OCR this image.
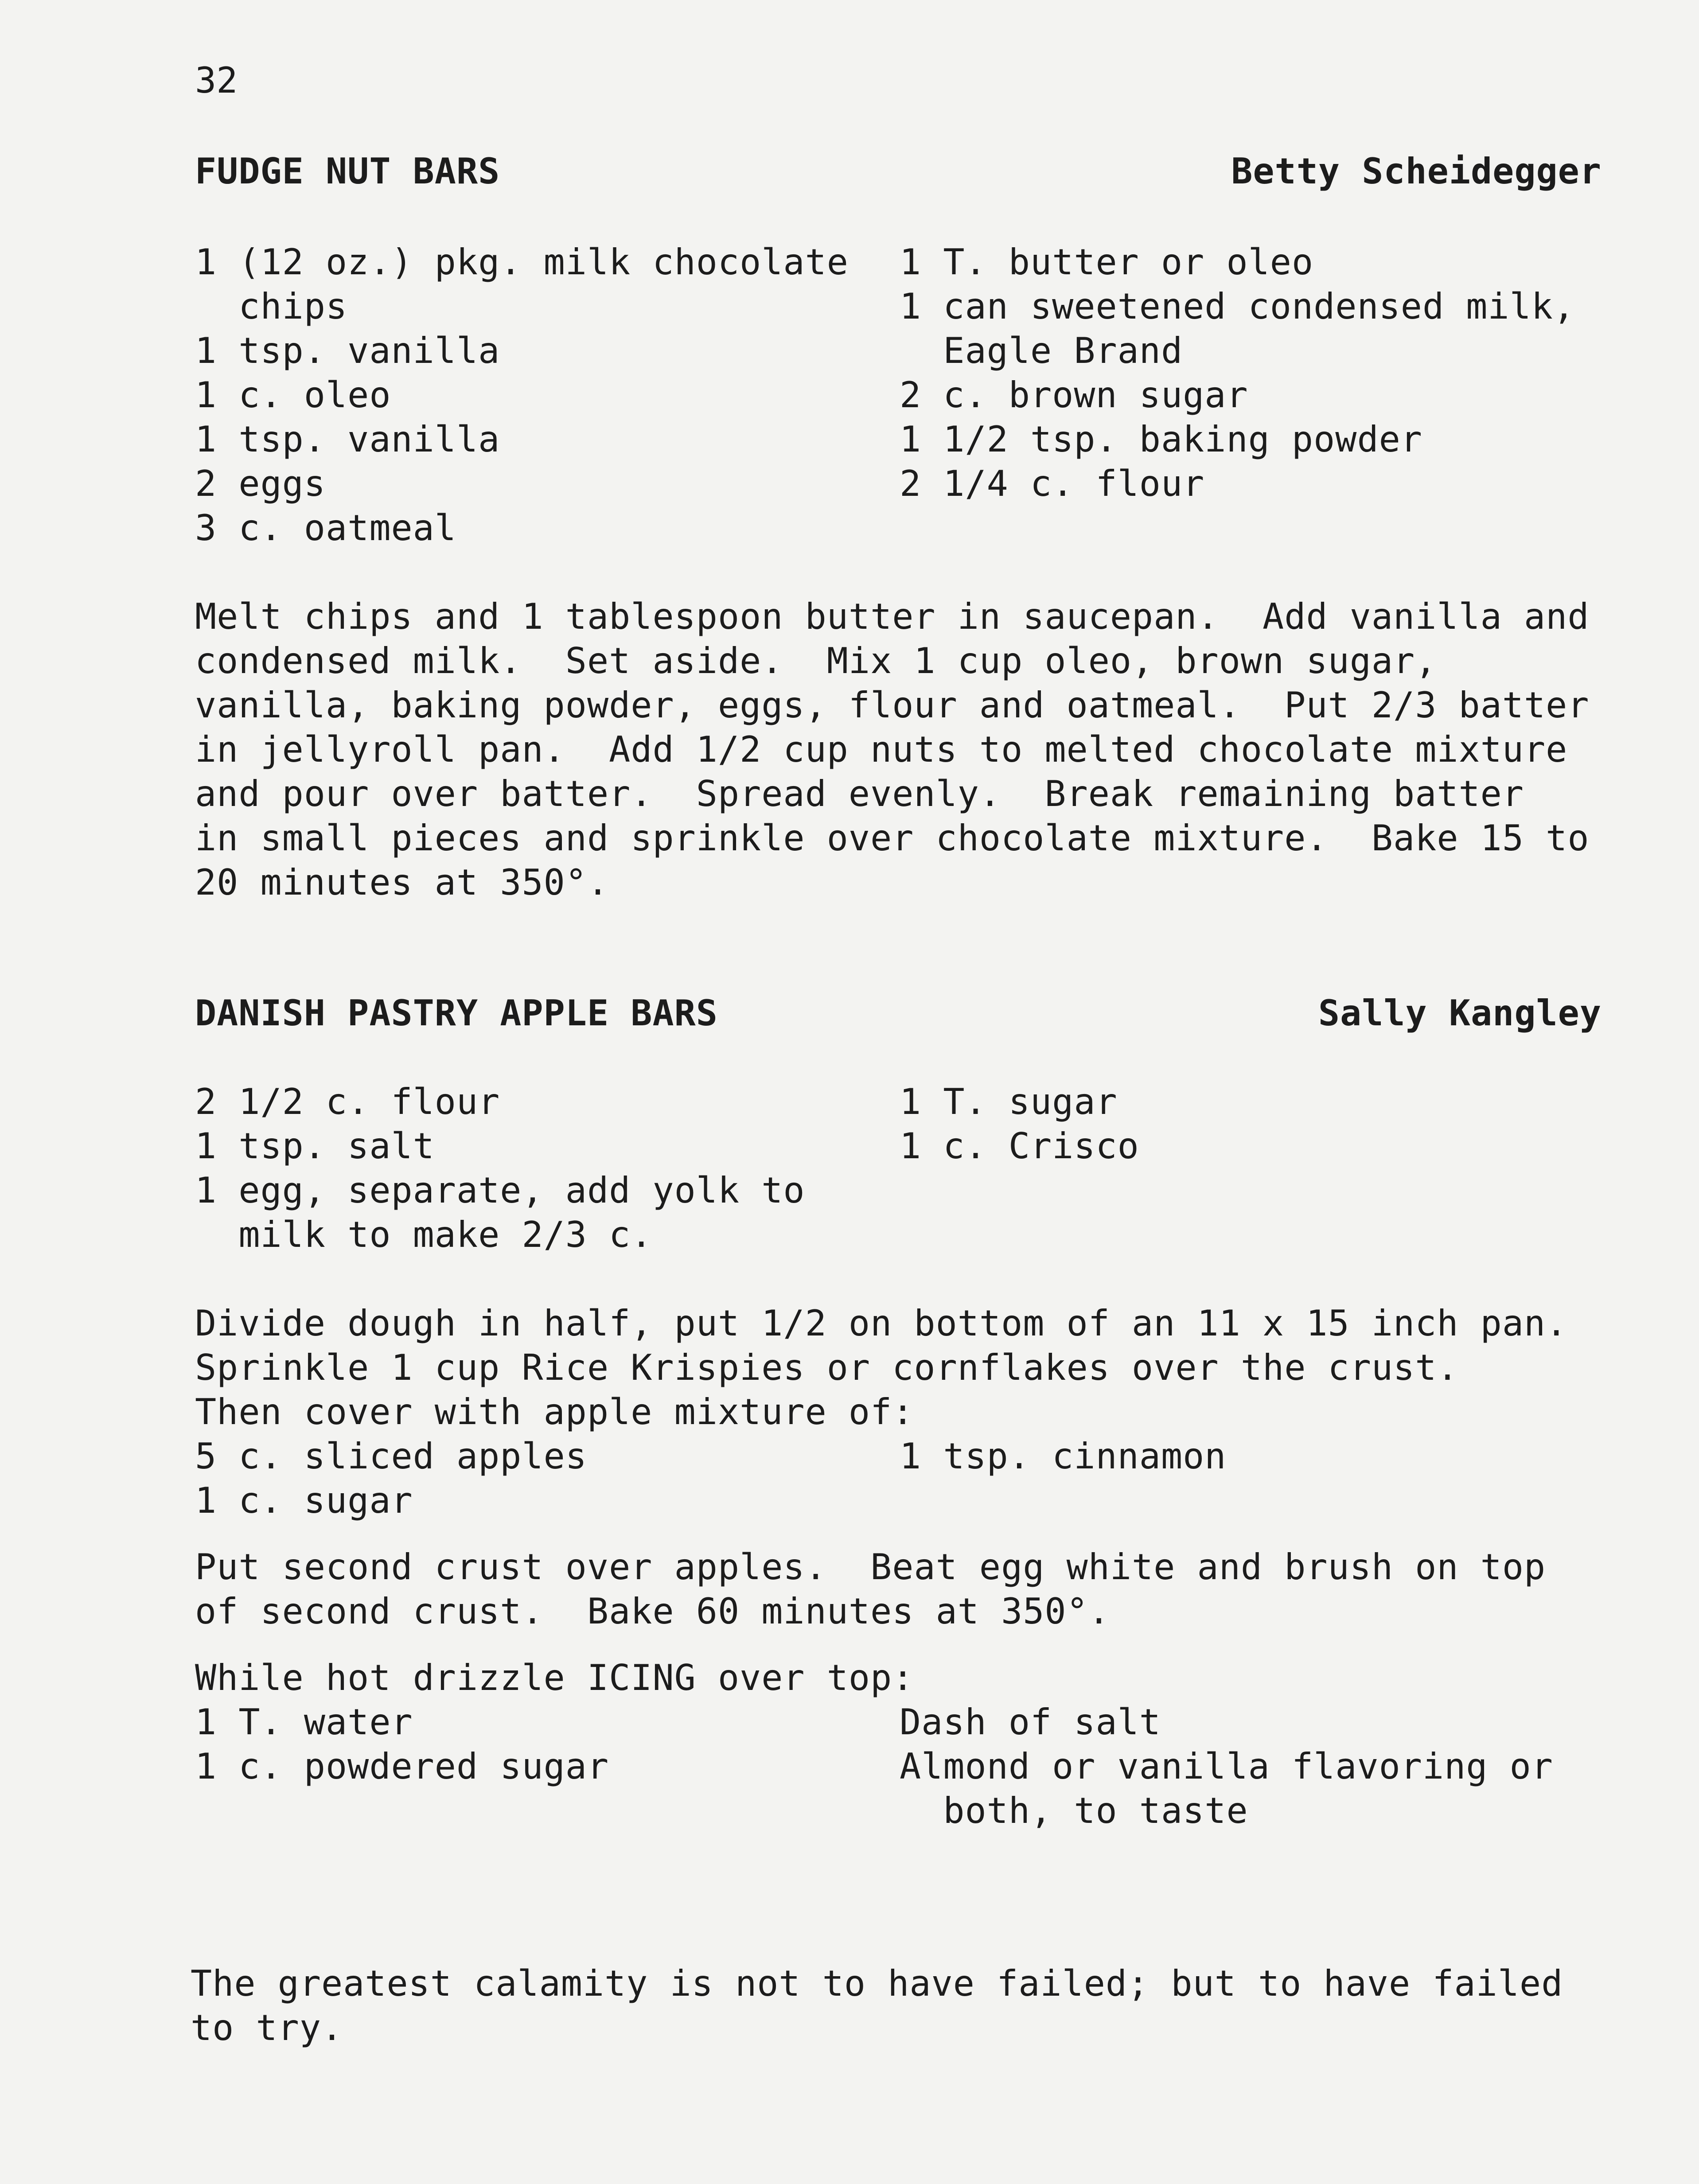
32
FUDGE NUT BARS	Betty Scheidegger
1 (12 oz.) pkg. milk chocolate
chips
1 tsp. vanilla
1 c. oleo
1 tsp. vanilla
2 eggs
3 c. oatmeal
1 T. butter or oleo
1 can sweetened condensed milk,
Eagle Brand
2 c. brown sugar
1 1/2 tsp. baking powder
2 1/4 c. flour
Melt chips and 1 tablespoon butter in saucepan.  Add vanilla and
condensed milk.  Set aside.  Mix 1 cup oleo, brown sugar,
vanilla, baking powder, eggs, flour and oatmeal.  Put 2/3 batter
in jellyroll pan.  Add 1/2 cup nuts to melted chocolate mixture
and pour over batter.  Spread evenly.  Break remaining batter
in small pieces and sprinkle over chocolate mixture.  Bake 15 to
20 minutes at 350°.
DANISH PASTRY APPLE BARS	Sally Kangley
2 1/2 c. flour
1 tsp. salt
1 egg, separate, add yolk to
milk to make 2/3 c.
1 T. sugar
1 c. Crisco
Divide dough in half, put 1/2 on bottom of an 11 x 15 inch pan.
Sprinkle 1 cup Rice Krispies or cornflakes over the crust.
Then cover with apple mixture of:
5 c. sliced apples
1 c. sugar
1 tsp. cinnamon
Put second crust over apples.  Beat egg white and brush on top
of second crust.  Bake 60 minutes at 350°.
While hot drizzle ICING over top:
1 T. water
1 c. powdered sugar
Dash of salt
Almond or vanilla flavoring or
both, to taste
The greatest calamity is not to have failed; but to have failed
to try.
